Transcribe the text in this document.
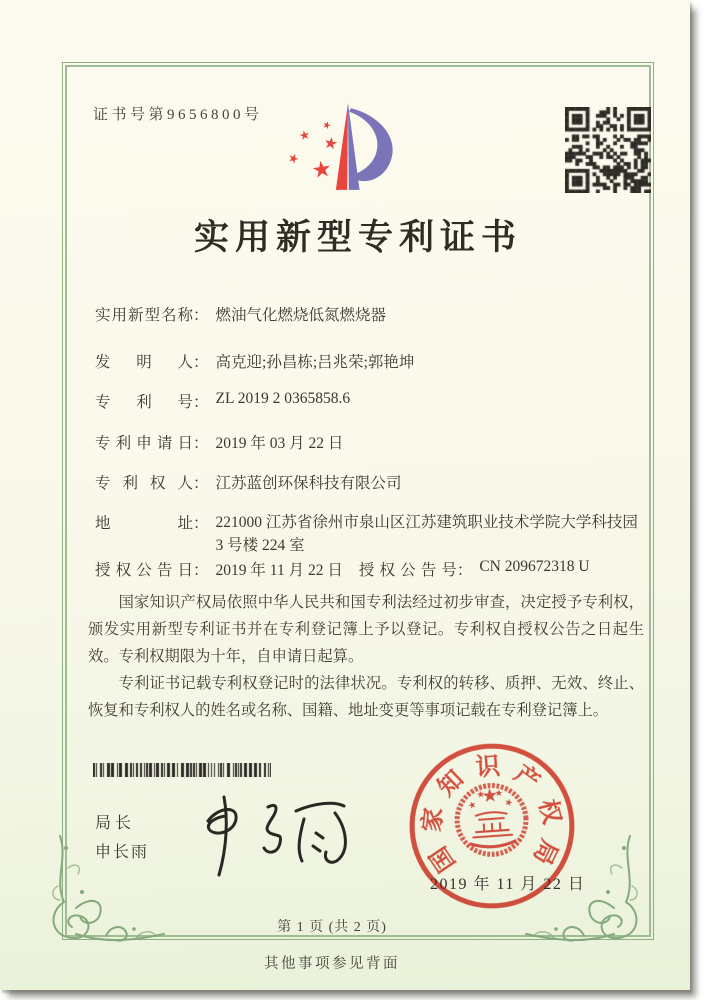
证书号第9656800号
实用新型专利证书
实用新型名称： 燃油气化燃烧低氮燃烧器
发明人： 高克迎;孙昌栋;吕兆荣;郭艳坤
专利号： ZL 2019 2 0365858.6
专利申请日： 2019 年 03 月 22 日
专利权人： 江苏蓝创环保科技有限公司
地址： 221000 江苏省徐州市泉山区江苏建筑职业技术学院大学科技园 3 号楼 224 室
授权公告日： 2019 年 11 月 22 日 授权公告号： CN 209672318 U

国家知识产权局依照中华人民共和国专利法经过初步审查，决定授予专利权，颁发实用新型专利证书并在专利登记簿上予以登记。专利权自授权公告之日起生效。专利权期限为十年，自申请日起算。

专利证书记载专利权登记时的法律状况。专利权的转移、质押、无效、终止、恢复和专利权人的姓名或名称、国籍、地址变更等事项记载在专利登记簿上。

局长
申长雨	国
家
知 识 产
权
局
2019 年 11 月 22 日
第 1 页 (共 2 页)
其他事项参见背面
